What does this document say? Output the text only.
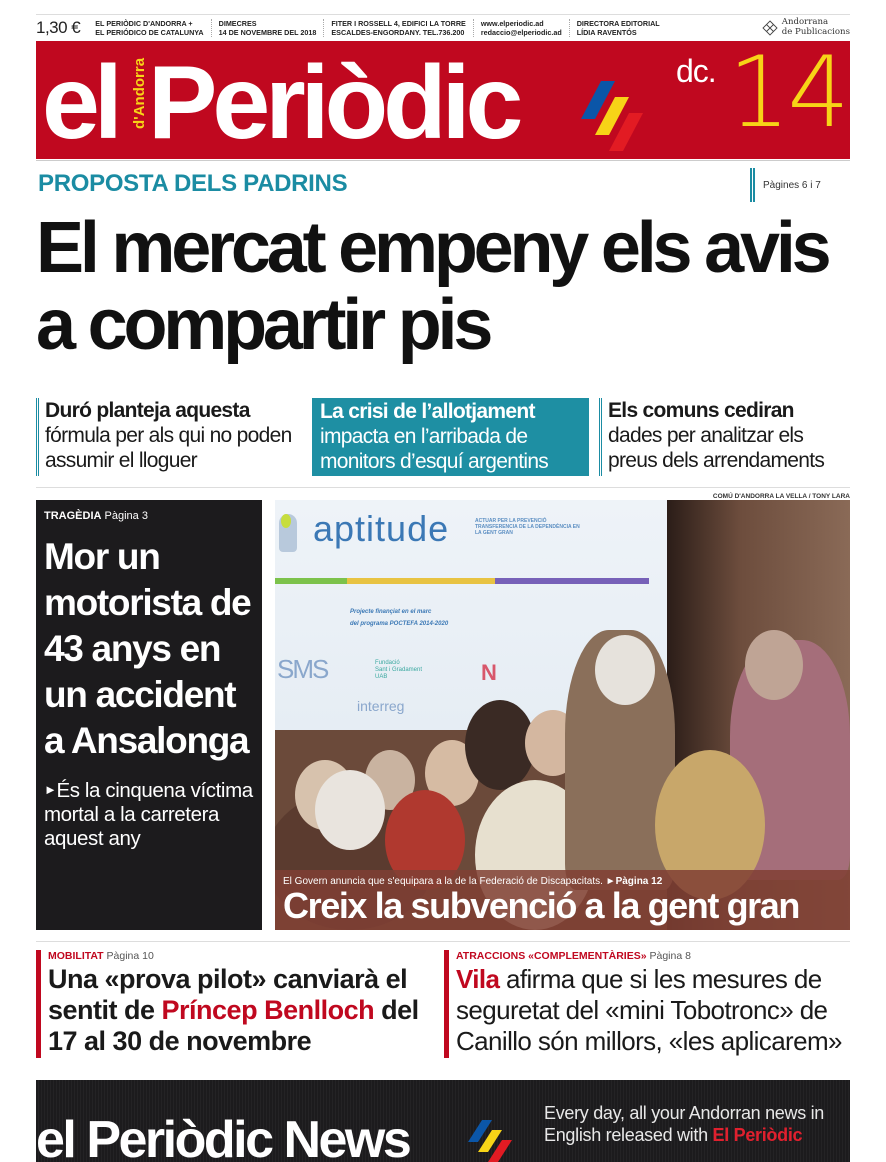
1,30 €	EL PERIÒDIC D'ANDORRA +
EL PERIÓDICO DE CATALUNYA
DIMECRES
14 DE NOVEMBRE DEL 2018
FITER I ROSSELL 4, EDIFICI LA TORRE
ESCALDES-ENGORDANY. TEL.736.200
www.elperiodic.ad
redaccio@elperiodic.ad
DIRECTORA EDITORIAL
LÍDIA RAVENTÓS
Andorrana
de Publicacions
el d'Andorra Periòdic	dc. 14
PROPOSTA DELS PADRINS	Pàgines 6 i 7
El mercat empeny els avis a compartir pis
Duró planteja aquesta
fórmula per als qui no poden assumir el lloguer
La crisi de l’allotjament
impacta en l’arribada de monitors d’esquí argentins
Els comuns cediran
dades per analitzar els preus dels arrendaments
COMÚ D'ANDORRA LA VELLA / TONY LARA
TRAGÈDIA Pàgina 3
Mor un motorista de 43 anys en un accident a Ansalonga
►És la cinquena víctima mortal a la carretera aquest any
aptitude	ACTUAR PER LA PREVENCIÓ TRANSFERENCIA DE LA DEPENDÈNCIA EN LA GENT GRAN
Projecte finançiat en el marc
del programa POCTEFA 2014-2020
SMS	Fundació
Sant i Gradament
UAB	N
interreg
El Govern anuncia que s'equipara a la de la Federació de Discapacitats. ►Pàgina 12
Creix la subvenció a la gent gran
MOBILITAT Pàgina 10
Una «prova pilot» canviarà el sentit de Príncep Benlloch del 17 al 30 de novembre
ATRACCIONS «COMPLEMENTÀRIES» Pàgina 8
Vila afirma que si les mesures de seguretat del «mini Tobotronc» de Canillo són millors, «les aplicarem»
el Periòdic News	Every day, all your Andorran news in
English released with El Periòdic
